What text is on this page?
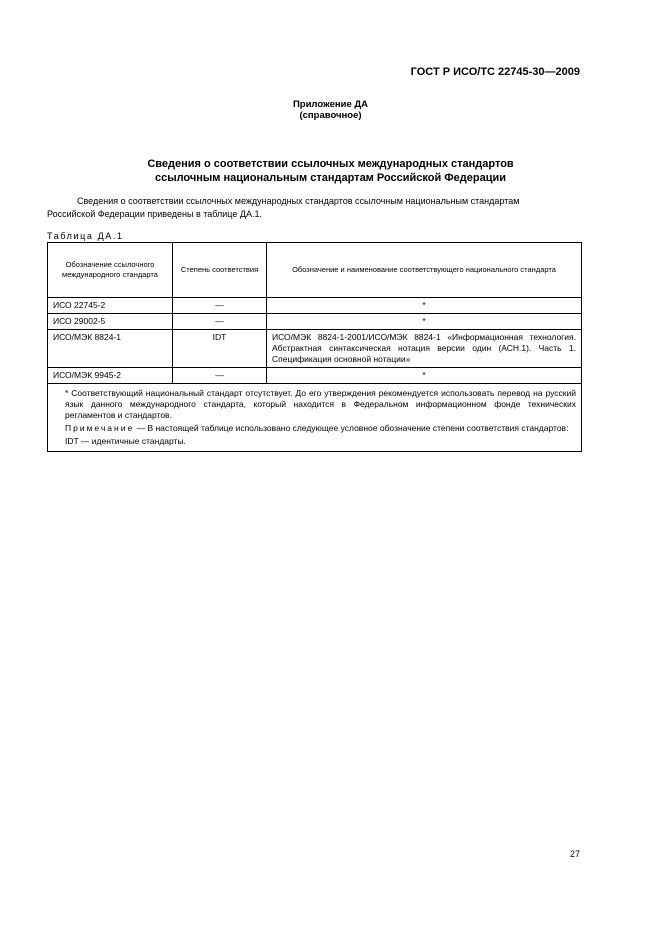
ГОСТ Р ИСО/ТС 22745-30—2009
Приложение ДА
(справочное)
Сведения о соответствии ссылочных международных стандартов
ссылочным национальным стандартам Российской Федерации
Сведения о соответствии ссылочных международных стандартов ссылочным национальным стандартам
Российской Федерации приведены в таблице ДА.1.
Таблица ДА.1
Обозначение ссылочного международного стандарта	Степень соответствия	Обозначение и наименование соответствующего национального стандарта
ИСО 22745-2	—	*
ИСО 29002-5	—	*
ИСО/МЭК 8824-1	IDT	ИСО/МЭК 8824-1-2001/ИСО/МЭК 8824-1 «Информационная технология. Абстрактная синтаксическая нотация версии один (АСН.1). Часть 1. Спецификация основной нотации»
ИСО/МЭК 9945-2	—	*

* Соответствующий национальный стандарт отсутствует. До его утверждения рекомендуется использовать перевод на русский язык данного международного стандарта, который находится в Федеральном информационном фонде технических регламентов и стандартов.

Примечание — В настоящей таблице использовано следующее условное обозначение степени соответствия стандартов:

IDT — идентичные стандарты.		

27
